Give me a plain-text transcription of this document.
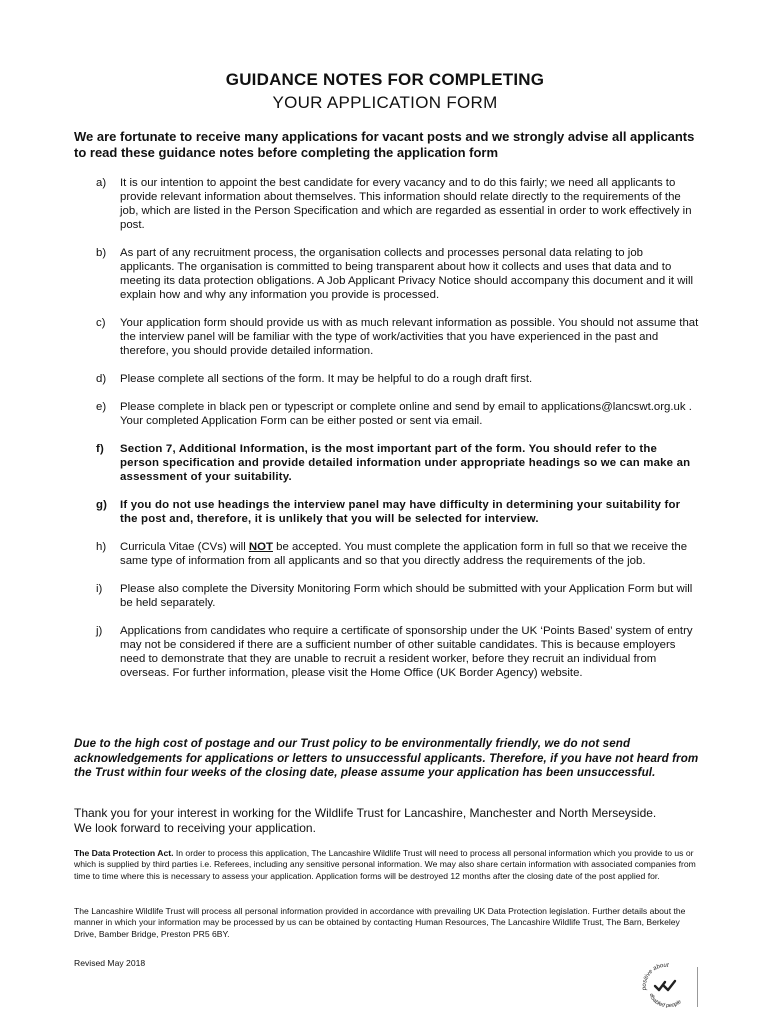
GUIDANCE NOTES FOR COMPLETING
YOUR APPLICATION FORM
We are fortunate to receive many applications for vacant posts and we strongly advise all applicants to read these guidance notes before completing the application form
a)	It is our intention to appoint the best candidate for every vacancy and to do this fairly; we need all applicants to provide relevant information about themselves. This information should relate directly to the requirements of the job, which are listed in the Person Specification and which are regarded as essential in order to work effectively in post.
b)	As part of any recruitment process, the organisation collects and processes personal data relating to job applicants. The organisation is committed to being transparent about how it collects and uses that data and to meeting its data protection obligations. A Job Applicant Privacy Notice should accompany this document and it will explain how and why any information you provide is processed.
c)	Your application form should provide us with as much relevant information as possible. You should not assume that the interview panel will be familiar with the type of work/activities that you have experienced in the past and therefore, you should provide detailed information.
d)	Please complete all sections of the form. It may be helpful to do a rough draft first.
e)	Please complete in black pen or typescript or complete online and send by email to applications@lancswt.org.uk . Your completed Application Form can be either posted or sent via email.
f)	Section 7, Additional Information, is the most important part of the form. You should refer to the person specification and provide detailed information under appropriate headings so we can make an assessment of your suitability.
g)	If you do not use headings the interview panel may have difficulty in determining your suitability for the post and, therefore, it is unlikely that you will be selected for interview.
h)	Curricula Vitae (CVs) will NOT be accepted. You must complete the application form in full so that we receive the same type of information from all applicants and so that you directly address the requirements of the job.
i)	Please also complete the Diversity Monitoring Form which should be submitted with your Application Form but will be held separately.
j)	Applications from candidates who require a certificate of sponsorship under the UK ‘Points Based’ system of entry may not be considered if there are a sufficient number of other suitable candidates. This is because employers need to demonstrate that they are unable to recruit a resident worker, before they recruit an individual from overseas. For further information, please visit the Home Office (UK Border Agency) website.
Due to the high cost of postage and our Trust policy to be environmentally friendly, we do not send acknowledgements for applications or letters to unsuccessful applicants. Therefore, if you have not heard from the Trust within four weeks of the closing date, please assume your application has been unsuccessful.
Thank you for your interest in working for the Wildlife Trust for Lancashire, Manchester and North Merseyside. We look forward to receiving your application.
The Data Protection Act. In order to process this application, The Lancashire Wildlife Trust will need to process all personal information which you provide to us or which is supplied by third parties i.e. Referees, including any sensitive personal information. We may also share certain information with associated companies from time to time where this is necessary to assess your application. Application forms will be destroyed 12 months after the closing date of the post applied for.
The Lancashire Wildlife Trust will process all personal information provided in accordance with prevailing UK Data Protection legislation. Further details about the manner in which your information may be processed by us can be obtained by contacting Human Resources, The Lancashire Wildlife Trust, The Barn, Berkeley Drive, Bamber Bridge, Preston PR5 6BY.
Revised May 2018
positive about
disabled people
